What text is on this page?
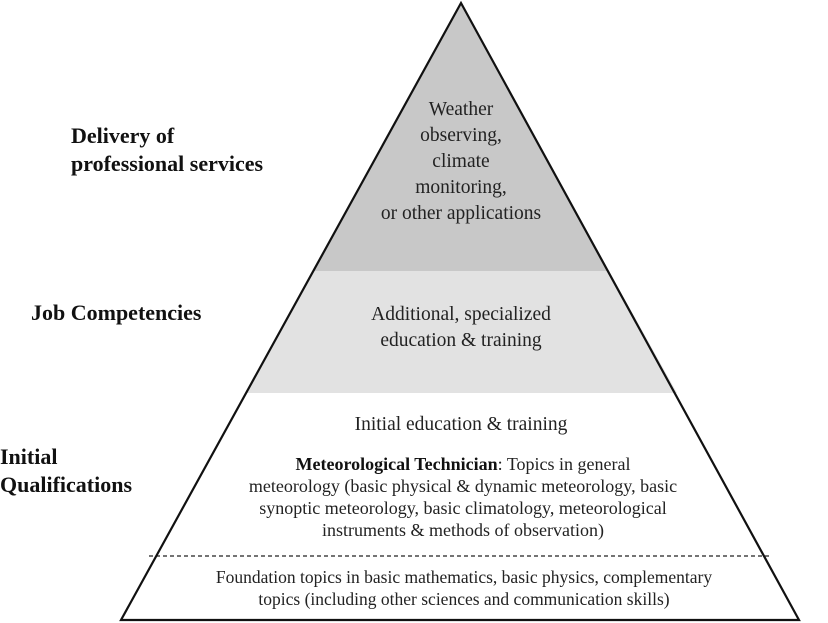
Delivery of
professional services
Job Competencies
Initial
Qualifications
Weather
observing,
climate
monitoring,
or other applications
Additional, specialized
education & training
Initial education & training
Meteorological Technician: Topics in general
meteorology (basic physical & dynamic meteorology, basic
synoptic meteorology, basic climatology, meteorological
instruments & methods of observation)
Foundation topics in basic mathematics, basic physics, complementary
topics (including other sciences and communication skills)
